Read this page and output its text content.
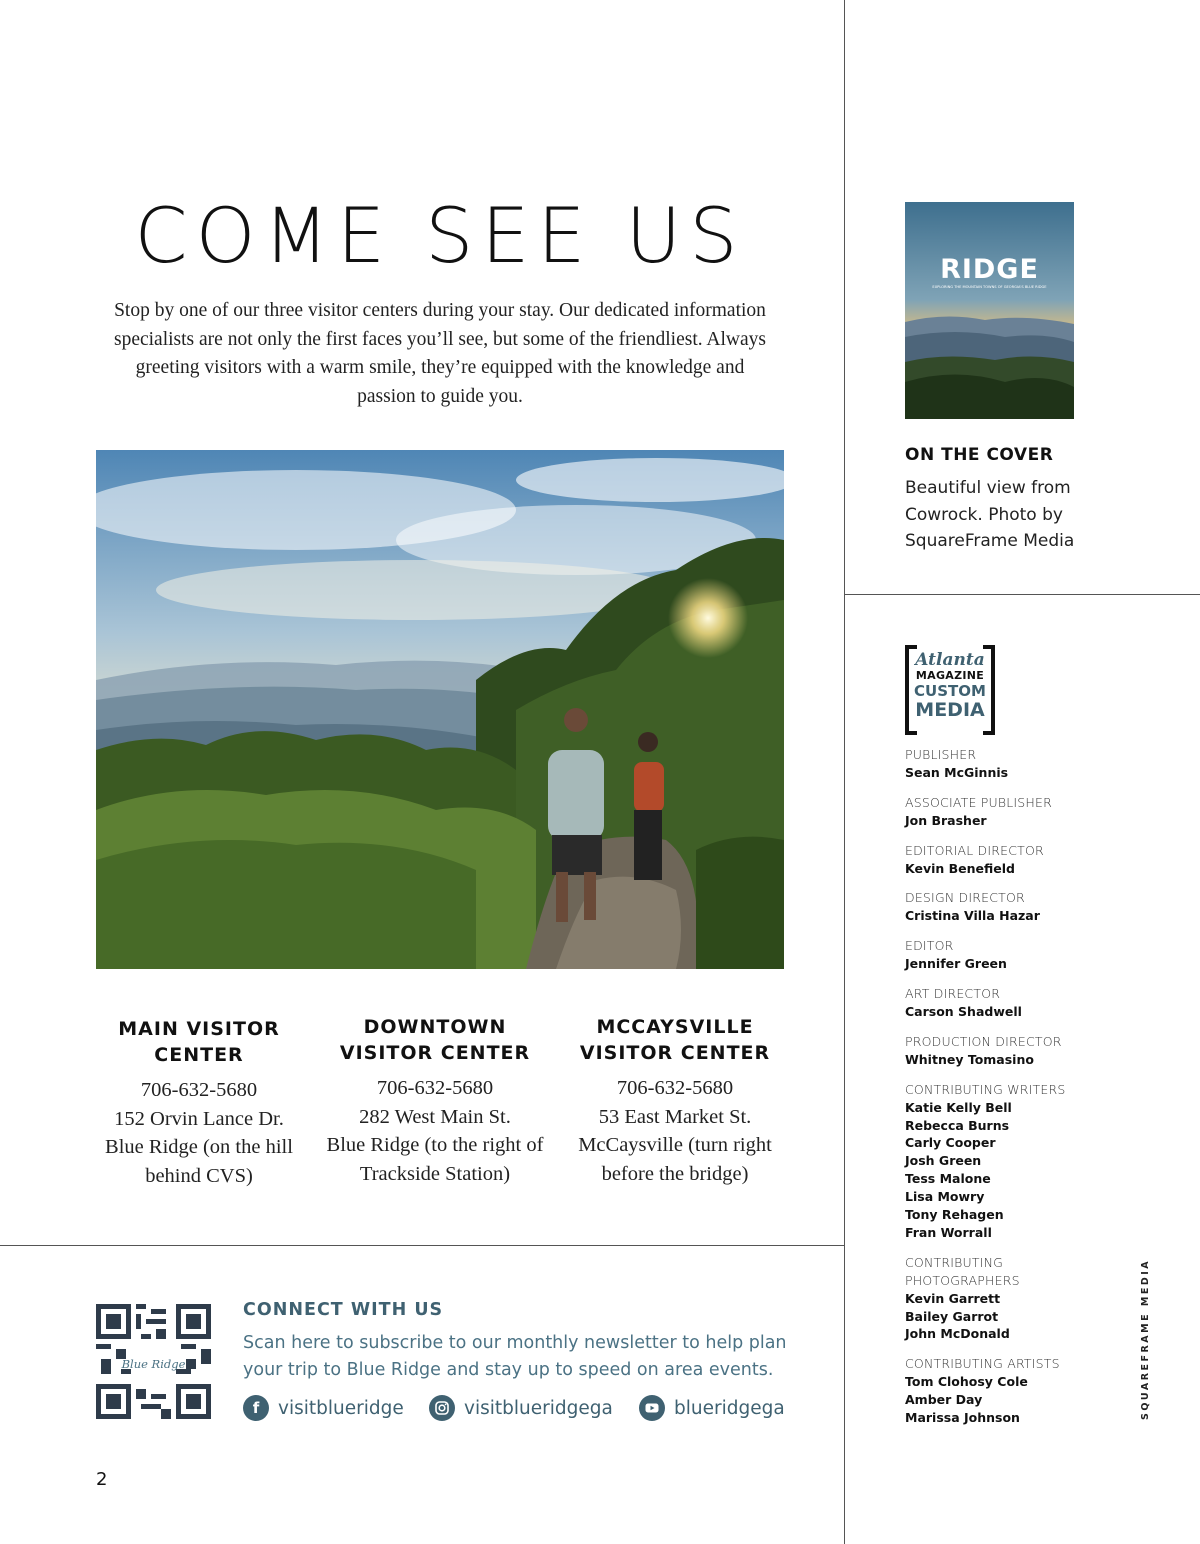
COME SEE US

Stop by one of our three visitor centers during your stay. Our dedicated information specialists are not only the first faces you’ll see, but some of the friendliest. Always greeting visitors with a warm smile, they’re equipped with the knowledge and passion to guide you.

MAIN VISITOR CENTER
706-632-5680
152 Orvin Lance Dr.
Blue Ridge (on the hill behind CVS)
DOWNTOWN VISITOR CENTER
706-632-5680
282 West Main St.
Blue Ridge (to the right of Trackside Station)
MCCAYSVILLE VISITOR CENTER
706-632-5680
53 East Market St.
McCaysville (turn right before the bridge)
Blue Ridge
CONNECT WITH US

Scan here to subscribe to our monthly newsletter to help plan your trip to Blue Ridge and stay up to speed on area events.

f	visitblueridge	visitblueridgega	blueridgega
2
RIDGE
EXPLORING THE MOUNTAIN TOWNS OF GEORGIA'S BLUE RIDGE
ON THE COVER

Beautiful view from Cowrock. Photo by SquareFrame Media

Atlanta
MAGAZINE
CUSTOM
MEDIA
PUBLISHER
Sean McGinnis
ASSOCIATE PUBLISHER
Jon Brasher
EDITORIAL DIRECTOR
Kevin Benefield
DESIGN DIRECTOR
Cristina Villa Hazar
EDITOR
Jennifer Green
ART DIRECTOR
Carson Shadwell
PRODUCTION DIRECTOR
Whitney Tomasino
CONTRIBUTING WRITERS
Katie Kelly Bell
Rebecca Burns
Carly Cooper
Josh Green
Tess Malone
Lisa Mowry
Tony Rehagen
Fran Worrall
CONTRIBUTING PHOTOGRAPHERS
Kevin Garrett
Bailey Garrot
John McDonald
CONTRIBUTING ARTISTS
Tom Clohosy Cole
Amber Day
Marissa Johnson	SQUAREFRAME MEDIA
